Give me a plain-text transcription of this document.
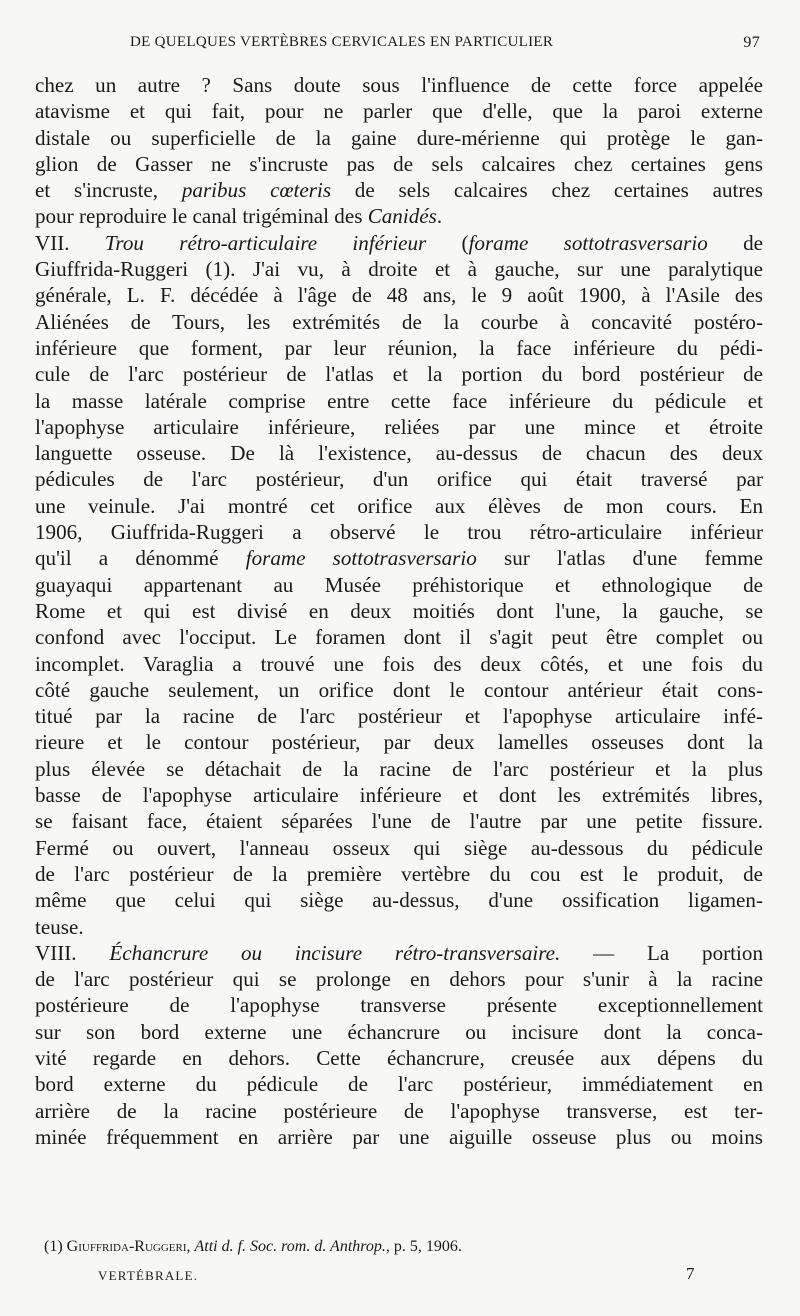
DE QUELQUES VERTÈBRES CERVICALES EN PARTICULIER	97
chez un autre ? Sans doute sous l'influence de cette force appelée
atavisme et qui fait, pour ne parler que d'elle, que la paroi externe
distale ou superficielle de la gaine dure-mérienne qui protège le gan-
glion de Gasser ne s'incruste pas de sels calcaires chez certaines gens
et s'incruste, paribus cœteris de sels calcaires chez certaines autres
pour reproduire le canal trigéminal des Canidés.
VII. Trou rétro-articulaire inférieur (forame sottotrasversario de
Giuffrida-Ruggeri (1). J'ai vu, à droite et à gauche, sur une paralytique
générale, L. F. décédée à l'âge de 48 ans, le 9 août 1900, à l'Asile des
Aliénées de Tours, les extrémités de la courbe à concavité postéro-
inférieure que forment, par leur réunion, la face inférieure du pédi-
cule de l'arc postérieur de l'atlas et la portion du bord postérieur de
la masse latérale comprise entre cette face inférieure du pédicule et
l'apophyse articulaire inférieure, reliées par une mince et étroite
languette osseuse. De là l'existence, au-dessus de chacun des deux
pédicules de l'arc postérieur, d'un orifice qui était traversé par
une veinule. J'ai montré cet orifice aux élèves de mon cours. En
1906, Giuffrida-Ruggeri a observé le trou rétro-articulaire inférieur
qu'il a dénommé forame sottotrasversario sur l'atlas d'une femme
guayaqui appartenant au Musée préhistorique et ethnologique de
Rome et qui est divisé en deux moitiés dont l'une, la gauche, se
confond avec l'occiput. Le foramen dont il s'agit peut être complet ou
incomplet. Varaglia a trouvé une fois des deux côtés, et une fois du
côté gauche seulement, un orifice dont le contour antérieur était cons-
titué par la racine de l'arc postérieur et l'apophyse articulaire infé-
rieure et le contour postérieur, par deux lamelles osseuses dont la
plus élevée se détachait de la racine de l'arc postérieur et la plus
basse de l'apophyse articulaire inférieure et dont les extrémités libres,
se faisant face, étaient séparées l'une de l'autre par une petite fissure.
Fermé ou ouvert, l'anneau osseux qui siège au-dessous du pédicule
de l'arc postérieur de la première vertèbre du cou est le produit, de
même que celui qui siège au-dessus, d'une ossification ligamen-
teuse.
VIII. Échancrure ou incisure rétro-transversaire. — La portion
de l'arc postérieur qui se prolonge en dehors pour s'unir à la racine
postérieure de l'apophyse transverse présente exceptionnellement
sur son bord externe une échancrure ou incisure dont la conca-
vité regarde en dehors. Cette échancrure, creusée aux dépens du
bord externe du pédicule de l'arc postérieur, immédiatement en
arrière de la racine postérieure de l'apophyse transverse, est ter-
minée fréquemment en arrière par une aiguille osseuse plus ou moins
(1) Giuffrida-Ruggeri, Atti d. f. Soc. rom. d. Anthrop., p. 5, 1906.
VERTÉBRALE.	7
